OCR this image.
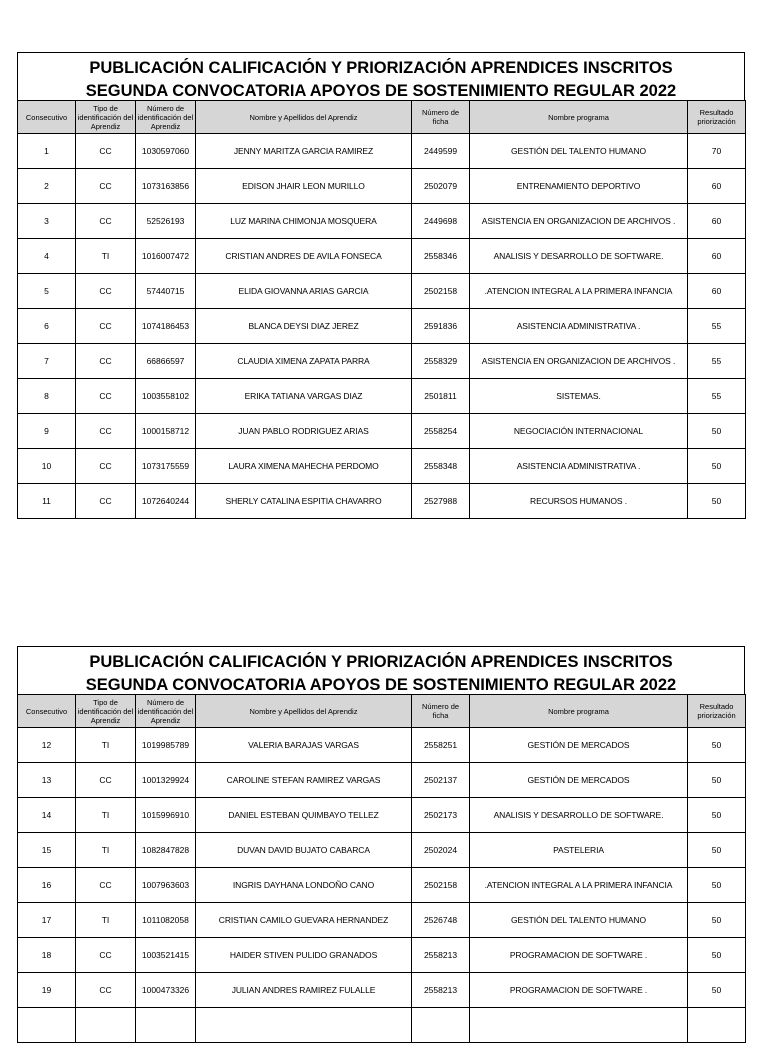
PUBLICACIÓN CALIFICACIÓN Y PRIORIZACIÓN APRENDICES INSCRITOS
SEGUNDA CONVOCATORIA APOYOS DE SOSTENIMIENTO REGULAR 2022
Consecutivo	Tipo de identificación del Aprendiz	Número de identificación del Aprendiz	Nombre y Apellidos del Aprendiz	Número de ficha	Nombre programa	Resultado priorización
1	CC	1030597060	JENNY MARITZA GARCIA RAMIREZ	2449599	GESTIÓN DEL TALENTO HUMANO	70
2	CC	1073163856	EDISON JHAIR LEON MURILLO	2502079	ENTRENAMIENTO DEPORTIVO	60
3	CC	52526193	LUZ MARINA CHIMONJA MOSQUERA	2449698	ASISTENCIA EN ORGANIZACION DE ARCHIVOS .	60
4	TI	1016007472	CRISTIAN ANDRES DE AVILA FONSECA	2558346	ANALISIS Y DESARROLLO DE SOFTWARE.	60
5	CC	57440715	ELIDA GIOVANNA ARIAS GARCIA	2502158	.ATENCION INTEGRAL A LA PRIMERA INFANCIA	60
6	CC	1074186453	BLANCA DEYSI DIAZ JEREZ	2591836	ASISTENCIA ADMINISTRATIVA .	55
7	CC	66866597	CLAUDIA XIMENA ZAPATA PARRA	2558329	ASISTENCIA EN ORGANIZACION DE ARCHIVOS .	55
8	CC	1003558102	ERIKA TATIANA VARGAS DIAZ	2501811	SISTEMAS.	55
9	CC	1000158712	JUAN PABLO RODRIGUEZ ARIAS	2558254	NEGOCIACIÓN INTERNACIONAL	50
10	CC	1073175559	LAURA XIMENA MAHECHA PERDOMO	2558348	ASISTENCIA ADMINISTRATIVA .	50
11	CC	1072640244	SHERLY CATALINA ESPITIA CHAVARRO	2527988	RECURSOS HUMANOS .	50
PUBLICACIÓN CALIFICACIÓN Y PRIORIZACIÓN APRENDICES INSCRITOS
SEGUNDA CONVOCATORIA APOYOS DE SOSTENIMIENTO REGULAR 2022
Consecutivo	Tipo de identificación del Aprendiz	Número de identificación del Aprendiz	Nombre y Apellidos del Aprendiz	Número de ficha	Nombre programa	Resultado priorización
12	TI	1019985789	VALERIA BARAJAS VARGAS	2558251	GESTIÓN DE MERCADOS	50
13	CC	1001329924	CAROLINE STEFAN RAMIREZ VARGAS	2502137	GESTIÓN DE MERCADOS	50
14	TI	1015996910	DANIEL ESTEBAN QUIMBAYO TELLEZ	2502173	ANALISIS Y DESARROLLO DE SOFTWARE.	50
15	TI	1082847828	DUVAN DAVID BUJATO CABARCA	2502024	PASTELERIA	50
16	CC	1007963603	INGRIS DAYHANA LONDOÑO CANO	2502158	.ATENCION INTEGRAL A LA PRIMERA INFANCIA	50
17	TI	1011082058	CRISTIAN CAMILO GUEVARA HERNANDEZ	2526748	GESTIÓN DEL TALENTO HUMANO	50
18	CC	1003521415	HAIDER STIVEN PULIDO GRANADOS	2558213	PROGRAMACION DE SOFTWARE .	50
19	CC	1000473326	JULIAN ANDRES RAMIREZ FULALLE	2558213	PROGRAMACION DE SOFTWARE .	50
